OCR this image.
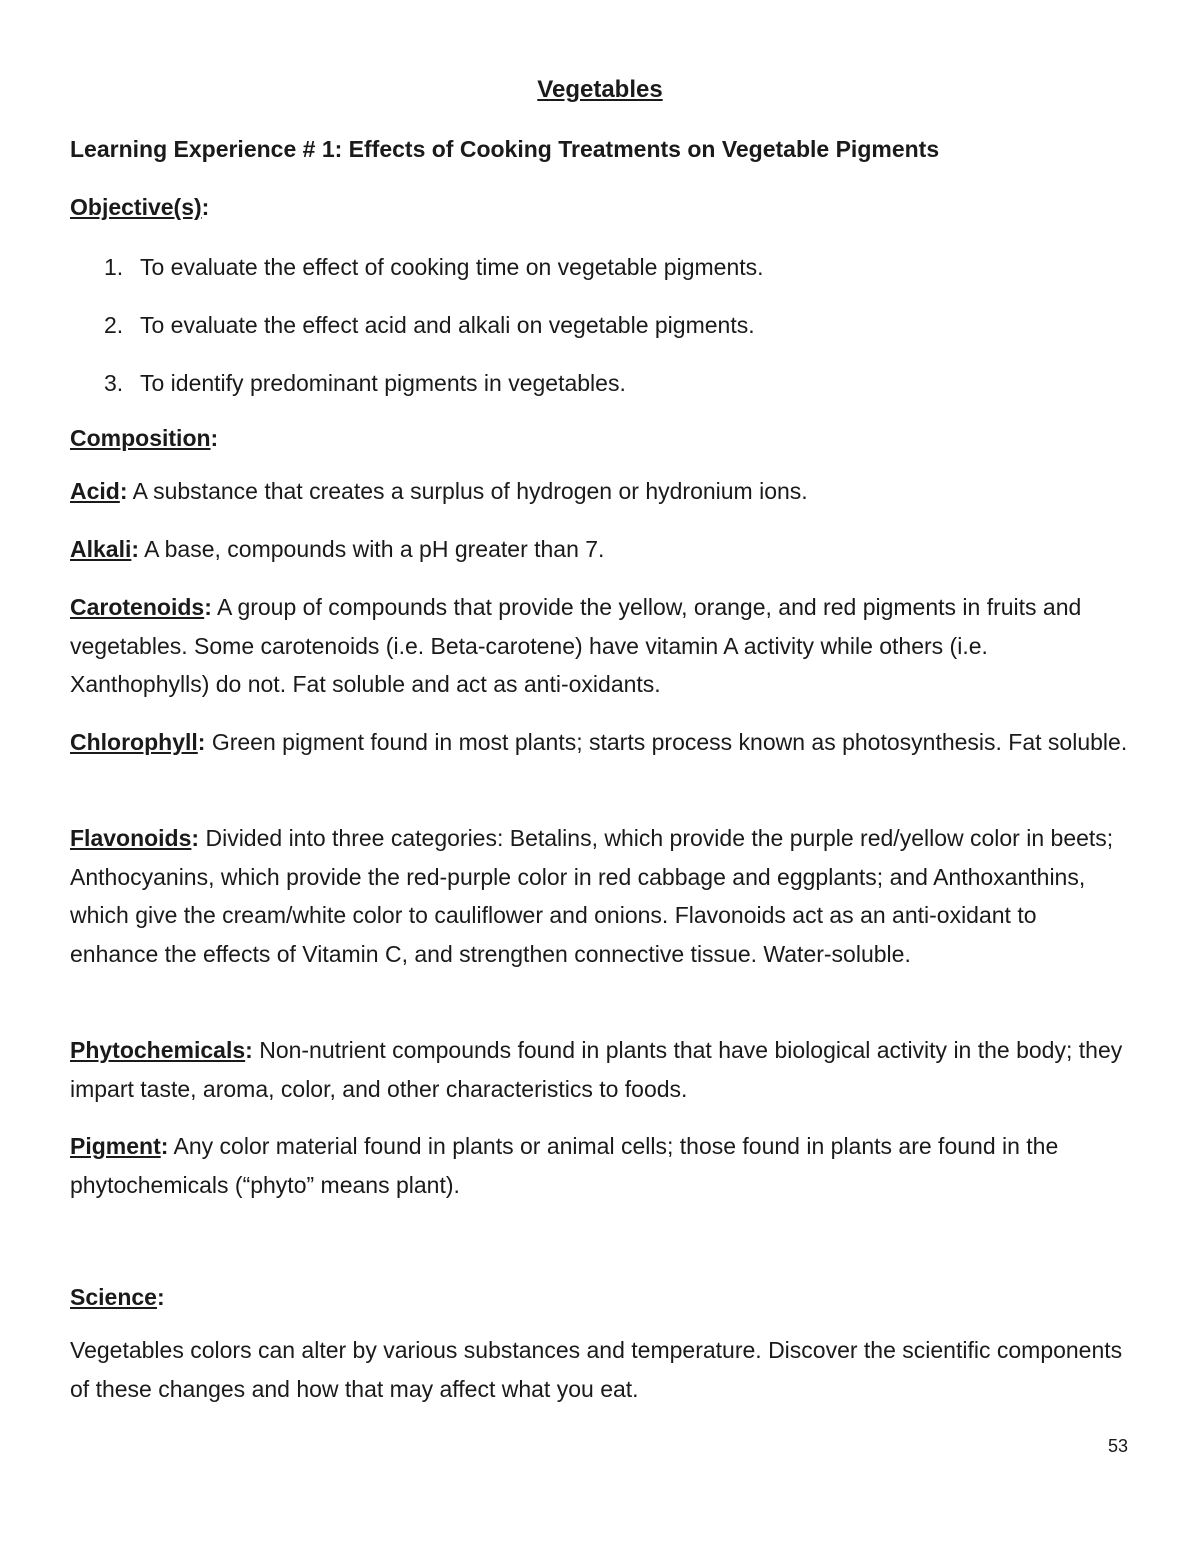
Vegetables
Learning Experience # 1: Effects of Cooking Treatments on Vegetable Pigments

Objective(s):

1. To evaluate the effect of cooking time on vegetable pigments.
2. To evaluate the effect acid and alkali on vegetable pigments.
3. To identify predominant pigments in vegetables.

Composition:

Acid: A substance that creates a surplus of hydrogen or hydronium ions.

Alkali: A base, compounds with a pH greater than 7.

Carotenoids: A group of compounds that provide the yellow, orange, and red pigments in fruits and vegetables. Some carotenoids (i.e. Beta-carotene) have vitamin A activity while others (i.e. Xanthophylls) do not. Fat soluble and act as anti-oxidants.

Chlorophyll: Green pigment found in most plants; starts process known as photosynthesis. Fat soluble.

Flavonoids: Divided into three categories: Betalins, which provide the purple red/yellow color in beets; Anthocyanins, which provide the red-purple color in red cabbage and eggplants; and Anthoxanthins, which give the cream/white color to cauliflower and onions. Flavonoids act as an anti-oxidant to enhance the effects of Vitamin C, and strengthen connective tissue. Water-soluble.

Phytochemicals: Non-nutrient compounds found in plants that have biological activity in the body; they impart taste, aroma, color, and other characteristics to foods.

Pigment: Any color material found in plants or animal cells; those found in plants are found in the phytochemicals (“phyto” means plant).

Science:

Vegetables colors can alter by various substances and temperature. Discover the scientific components of these changes and how that may affect what you eat.

53
